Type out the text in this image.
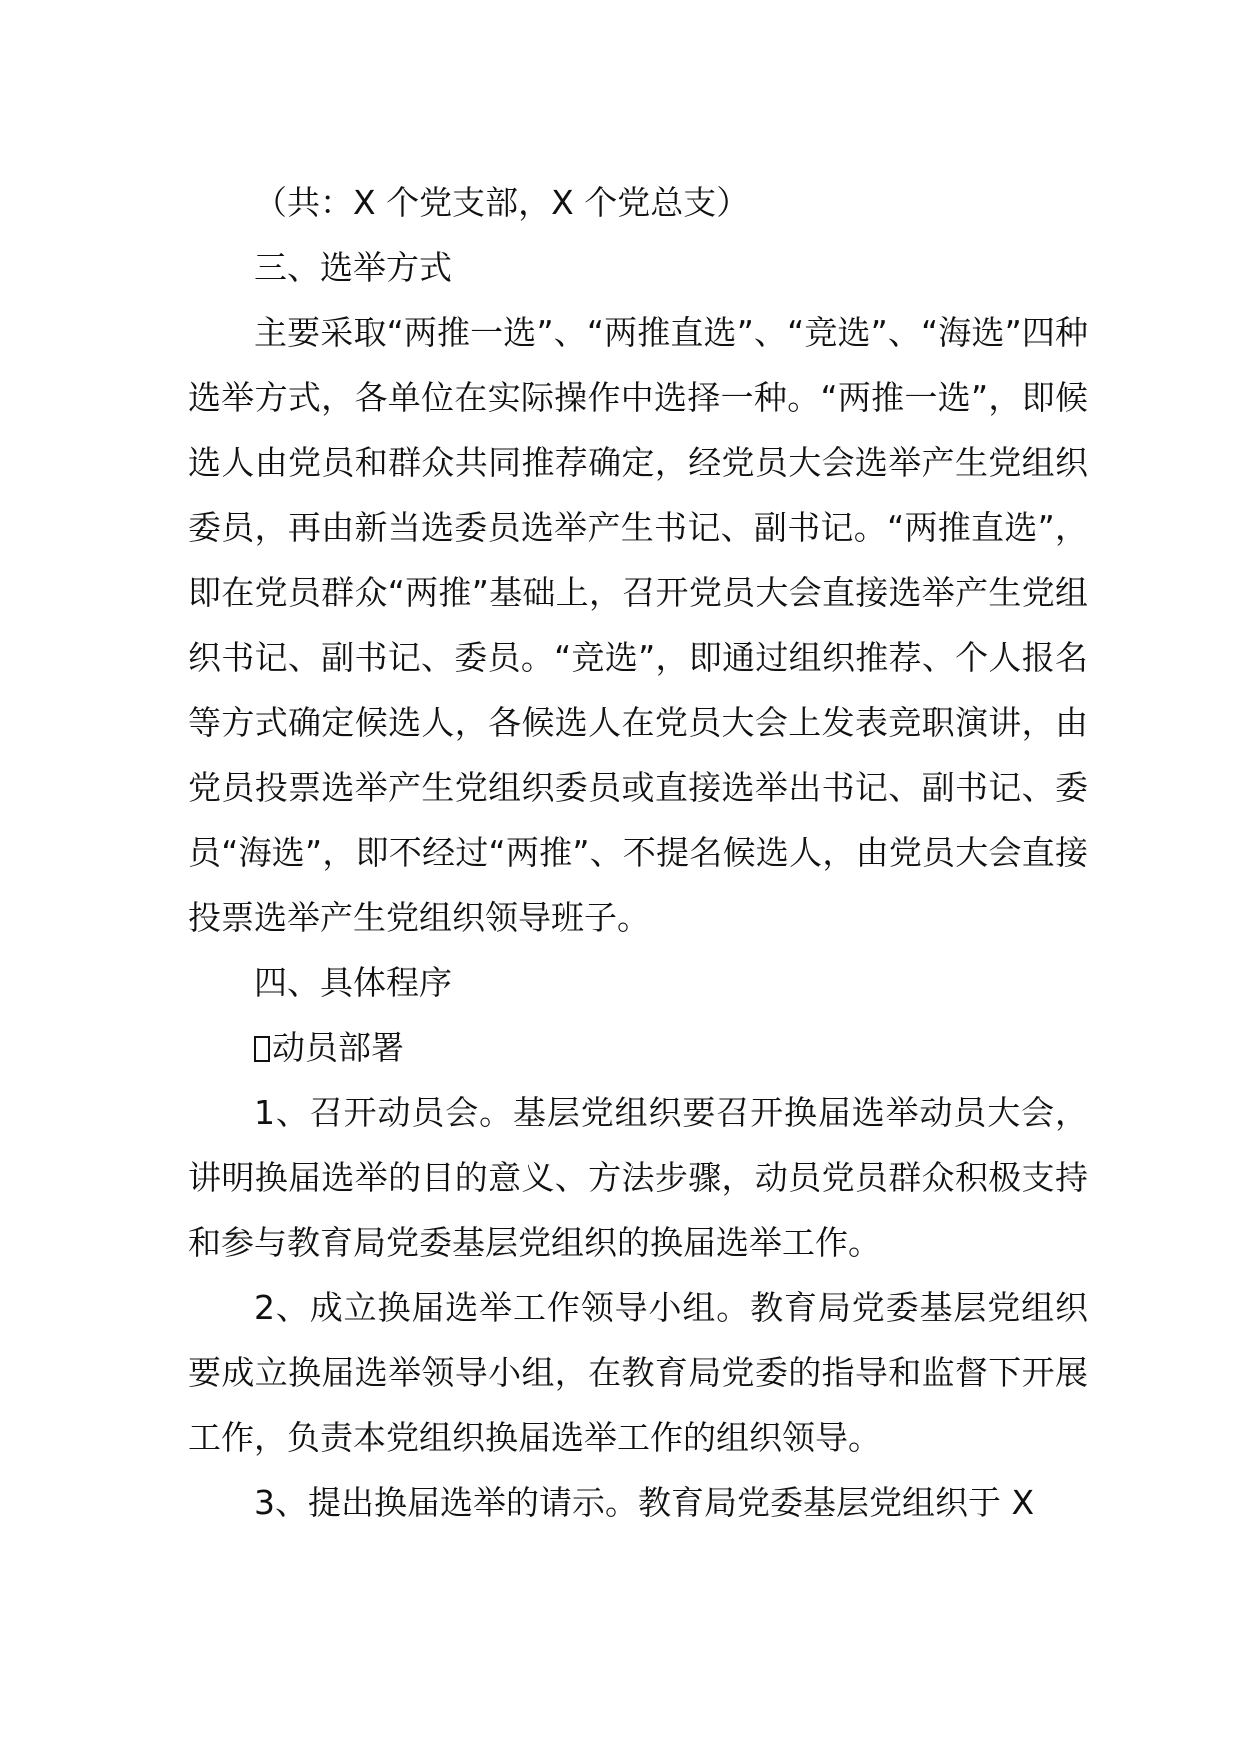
（共：X 个党支部，X 个党总支）

三、选举方式

主要采取“两推一选”、“两推直选”、“竞选”、“海选”四种选举方式，各单位在实际操作中选择一种。“两推一选”，即候选人由党员和群众共同推荐确定，经党员大会选举产生党组织委员，再由新当选委员选举产生书记、副书记。“两推直选”，即在党员群众“两推”基础上，召开党员大会直接选举产生党组织书记、副书记、委员。“竞选”，即通过组织推荐、个人报名等方式确定候选人，各候选人在党员大会上发表竞职演讲，由党员投票选举产生党组织委员或直接选举出书记、副书记、委员“海选”，即不经过“两推”、不提名候选人，由党员大会直接投票选举产生党组织领导班子。

四、具体程序

动员部署

1、召开动员会。基层党组织要召开换届选举动员大会，讲明换届选举的目的意义、方法步骤，动员党员群众积极支持和参与教育局党委基层党组织的换届选举工作。

2、成立换届选举工作领导小组。教育局党委基层党组织要成立换届选举领导小组，在教育局党委的指导和监督下开展工作，负责本党组织换届选举工作的组织领导。

3、提出换届选举的请示。教育局党委基层党组织于 X
